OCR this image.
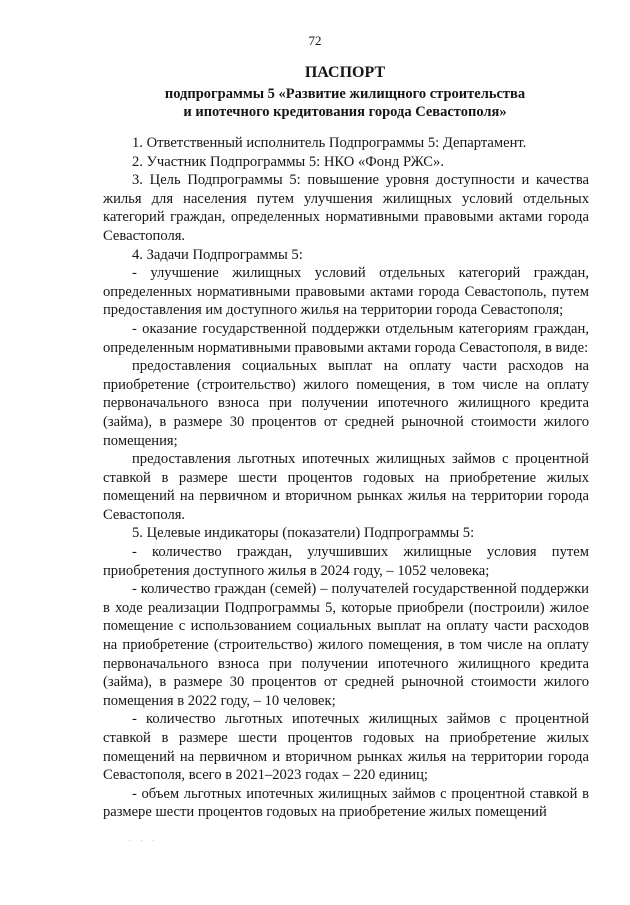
72
ПАСПОРТ
подпрограммы 5 «Развитие жилищного строительства
и ипотечного кредитования города Севастополя»

1. Ответственный исполнитель Подпрограммы 5: Департамент.

2. Участник Подпрограммы 5: НКО «Фонд РЖС».

3. Цель Подпрограммы 5: повышение уровня доступности и качества жилья для населения путем улучшения жилищных условий отдельных категорий граждан, определенных нормативными правовыми актами города Севастополя.

4. Задачи Подпрограммы 5:

- улучшение жилищных условий отдельных категорий граждан, определенных нормативными правовыми актами города Севастополь, путем предоставления им доступного жилья на территории города Севастополя;

- оказание государственной поддержки отдельным категориям граждан, определенным нормативными правовыми актами города Севастополя, в виде:

предоставления социальных выплат на оплату части расходов на приобретение (строительство) жилого помещения, в том числе на оплату первоначального взноса при получении ипотечного жилищного кредита (займа), в размере 30 процентов от средней рыночной стоимости жилого помещения;

предоставления льготных ипотечных жилищных займов с процентной ставкой в размере шести процентов годовых на приобретение жилых помещений на первичном и вторичном рынках жилья на территории города Севастополя.

5. Целевые индикаторы (показатели) Подпрограммы 5:

- количество граждан, улучшивших жилищные условия путем приобретения доступного жилья в 2024 году, – 1052 человека;

- количество граждан (семей) – получателей государственной поддержки в ходе реализации Подпрограммы 5, которые приобрели (построили) жилое помещение с использованием социальных выплат на оплату части расходов на приобретение (строительство) жилого помещения, в том числе на оплату первоначального взноса при получении ипотечного жилищного кредита (займа), в размере 30 процентов от средней рыночной стоимости жилого помещения в 2022 году, – 10 человек;

- количество льготных ипотечных жилищных займов с процентной ставкой в размере шести процентов годовых на приобретение жилых помещений на первичном и вторичном рынках жилья на территории города Севастополя, всего в 2021–2023 годах – 220 единиц;

- объем льготных ипотечных жилищных займов с процентной ставкой в размере шести процентов годовых на приобретение жилых помещений

· · ·
